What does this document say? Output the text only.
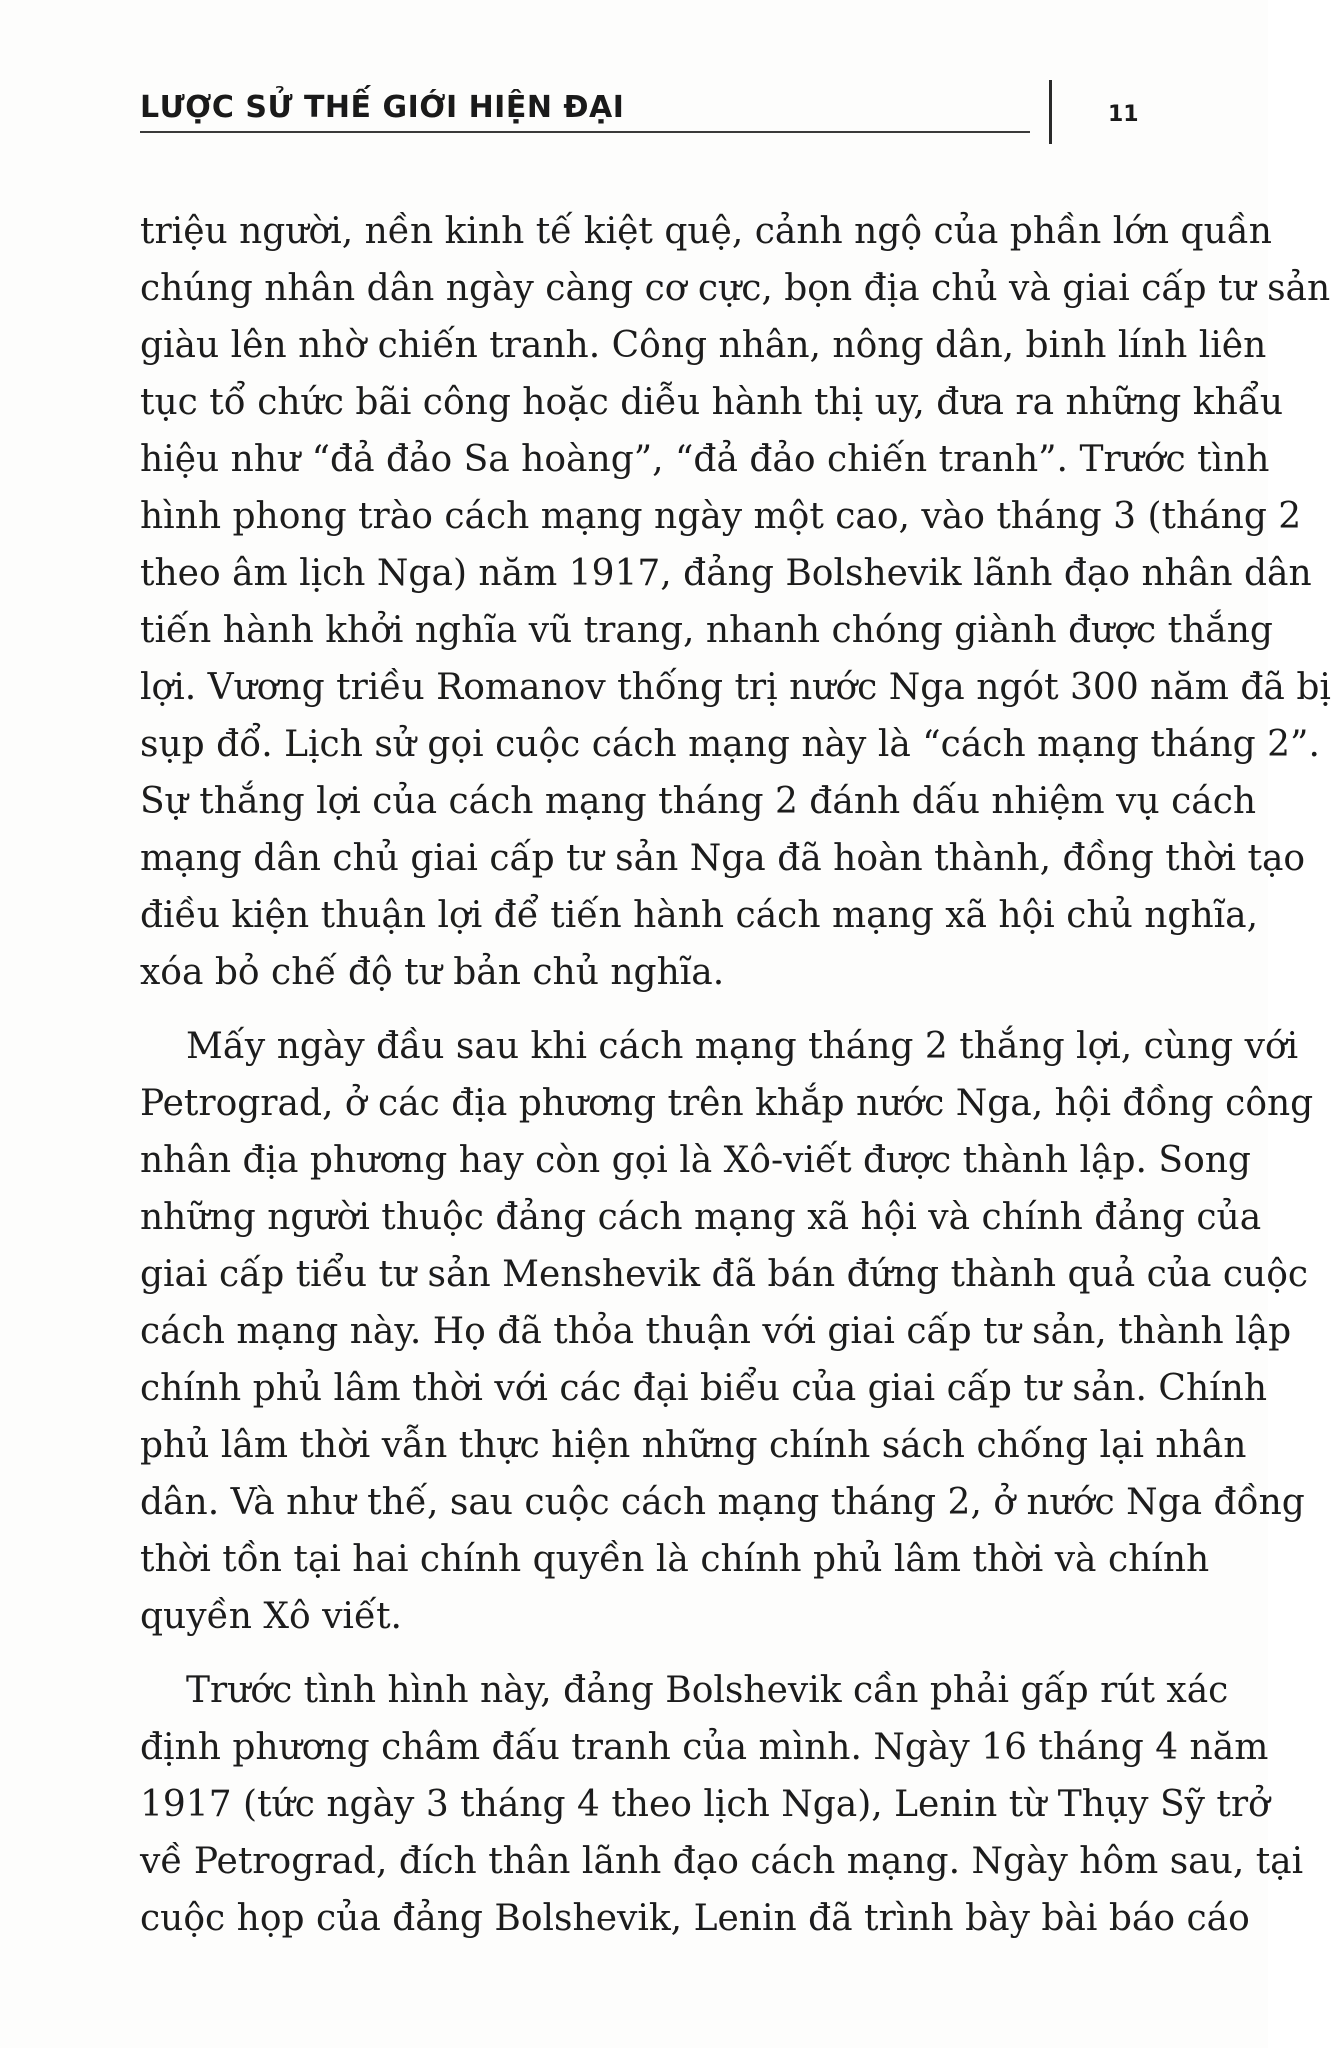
LƯỢC SỬ THẾ GIỚI HIỆN ĐẠI	11
triệu người, nền kinh tế kiệt quệ, cảnh ngộ của phần lớn quần
chúng nhân dân ngày càng cơ cực, bọn địa chủ và giai cấp tư sản
giàu lên nhờ chiến tranh. Công nhân, nông dân, binh lính liên
tục tổ chức bãi công hoặc diễu hành thị uy, đưa ra những khẩu
hiệu như “đả đảo Sa hoàng”, “đả đảo chiến tranh”. Trước tình
hình phong trào cách mạng ngày một cao, vào tháng 3 (tháng 2
theo âm lịch Nga) năm 1917, đảng Bolshevik lãnh đạo nhân dân
tiến hành khởi nghĩa vũ trang, nhanh chóng giành được thắng
lợi. Vương triều Romanov thống trị nước Nga ngót 300 năm đã bị
sụp đổ. Lịch sử gọi cuộc cách mạng này là “cách mạng tháng 2”.
Sự thắng lợi của cách mạng tháng 2 đánh dấu nhiệm vụ cách
mạng dân chủ giai cấp tư sản Nga đã hoàn thành, đồng thời tạo
điều kiện thuận lợi để tiến hành cách mạng xã hội chủ nghĩa,
xóa bỏ chế độ tư bản chủ nghĩa.
Mấy ngày đầu sau khi cách mạng tháng 2 thắng lợi, cùng với
Petrograd, ở các địa phương trên khắp nước Nga, hội đồng công
nhân địa phương hay còn gọi là Xô-viết được thành lập. Song
những người thuộc đảng cách mạng xã hội và chính đảng của
giai cấp tiểu tư sản Menshevik đã bán đứng thành quả của cuộc
cách mạng này. Họ đã thỏa thuận với giai cấp tư sản, thành lập
chính phủ lâm thời với các đại biểu của giai cấp tư sản. Chính
phủ lâm thời vẫn thực hiện những chính sách chống lại nhân
dân. Và như thế, sau cuộc cách mạng tháng 2, ở nước Nga đồng
thời tồn tại hai chính quyền là chính phủ lâm thời và chính
quyền Xô viết.
Trước tình hình này, đảng Bolshevik cần phải gấp rút xác
định phương châm đấu tranh của mình. Ngày 16 tháng 4 năm
1917 (tức ngày 3 tháng 4 theo lịch Nga), Lenin từ Thụy Sỹ trở
về Petrograd, đích thân lãnh đạo cách mạng. Ngày hôm sau, tại
cuộc họp của đảng Bolshevik, Lenin đã trình bày bài báo cáo
